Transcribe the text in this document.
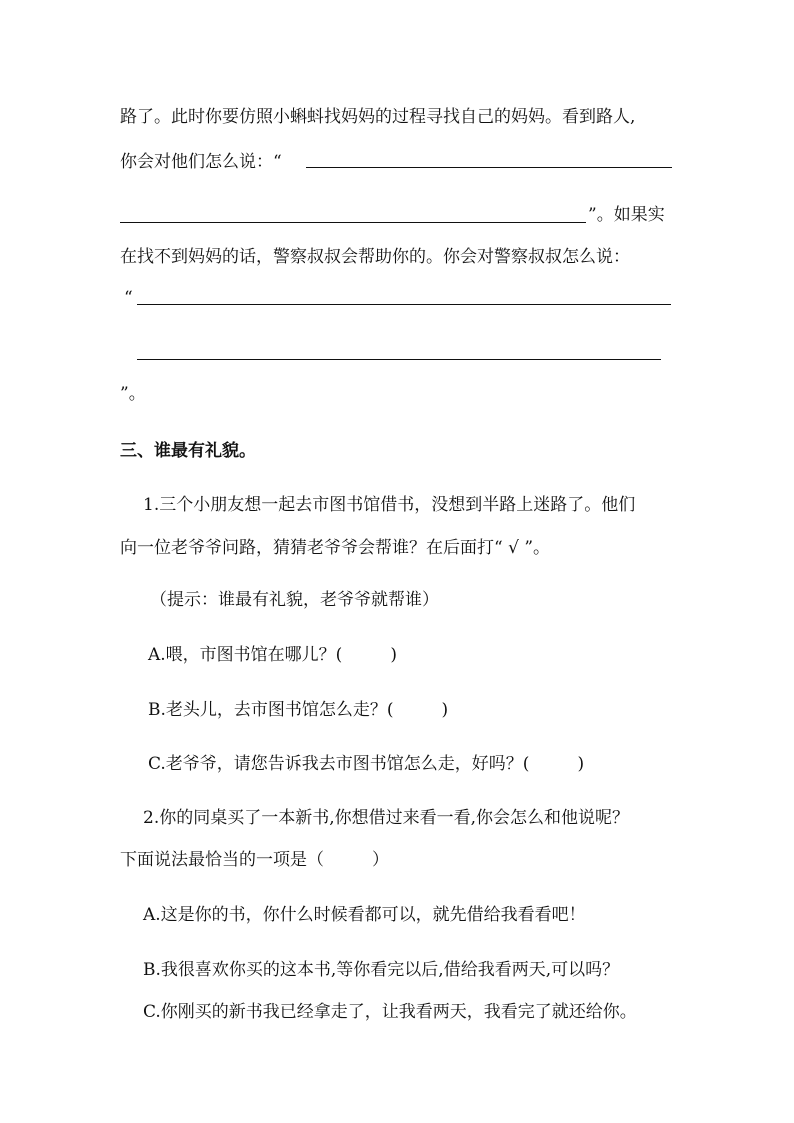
路了。此时你要仿照小蝌蚪找妈妈的过程寻找自己的妈妈。看到路人,
你会对他们怎么说：“
”。如果实
在找不到妈妈的话，警察叔叔会帮助你的。你会对警察叔叔怎么说：
“
”。
三、谁最有礼貌。
1.三个小朋友想一起去市图书馆借书，没想到半路上迷路了。他们
向一位老爷爷问路，猜猜老爷爷会帮谁？在后面打“ √ ”。
（提示：谁最有礼貌，老爷爷就帮谁）
A.喂，市图书馆在哪儿？(	)
B.老头儿，去市图书馆怎么走？(	)
C.老爷爷，请您告诉我去市图书馆怎么走，好吗？(	)
2.你的同桌买了一本新书,你想借过来看一看,你会怎么和他说呢？
下面说法最恰当的一项是（	）
A.这是你的书，你什么时候看都可以，就先借给我看看吧！
B.我很喜欢你买的这本书,等你看完以后,借给我看两天,可以吗？
C.你刚买的新书我已经拿走了，让我看两天，我看完了就还给你。
